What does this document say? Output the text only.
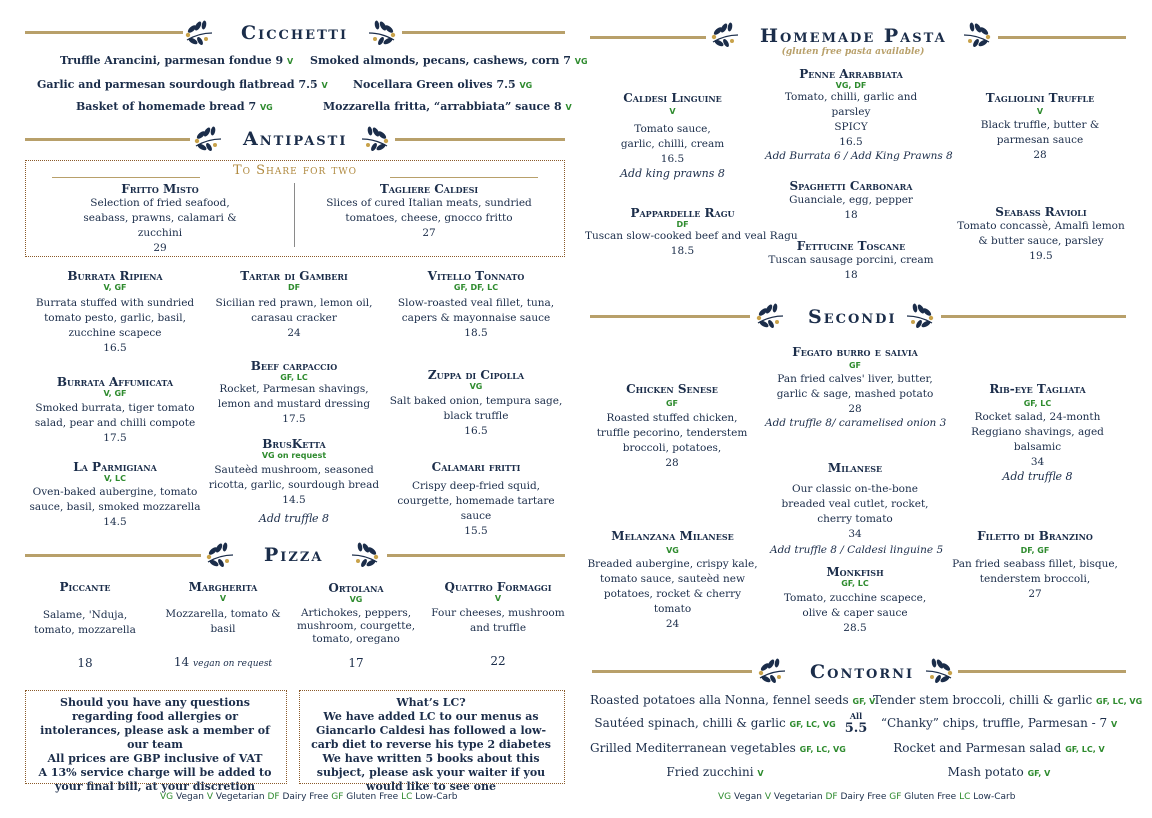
Cicchetti
Truffle Arancini, parmesan fondue 9 V Smoked almonds, pecans, cashews, corn 7 VG
Garlic and parmesan sourdough flatbread 7.5 V Nocellara Green olives 7.5 VG
Basket of homemade bread 7 VG	Mozzarella fritta, “arrabbiata” sauce 8 V
Antipasti
To Share for two
Fritto Misto
Selection of fried seafood, seabass, prawns, calamari & zucchini
29
Tagliere Caldesi
Slices of cured Italian meats, sundried tomatoes, cheese, gnocco fritto
27
Burrata Ripiena
V, GF
Burrata stuffed with sundried tomato pesto, garlic, basil, zucchine scapece
16.5
Tartar di Gamberi
DF
Sicilian red prawn, lemon oil, carasau cracker
24
Vitello Tonnato
GF, DF, LC
Slow-roasted veal fillet, tuna, capers & mayonnaise sauce
18.5
Burrata Affumicata
V, GF
Smoked burrata, tiger tomato salad, pear and chilli compote
17.5
Beef carpaccio
GF, LC
Rocket, Parmesan shavings, lemon and mustard dressing
17.5
Zuppa di Cipolla
VG
Salt baked onion, tempura sage, black truffle
16.5
La Parmigiana
V, LC
Oven-baked aubergine, tomato sauce, basil, smoked mozzarella
14.5
BrusKetta
VG on request
Sauteèd mushroom, seasoned ricotta, garlic, sourdough bread
14.5
Add truffle 8
Calamari fritti
Crispy deep-fried squid, courgette, homemade tartare sauce
15.5
Pizza
Piccante
Salame, 'Nduja, tomato, mozzarella
18
Margherita
V
Mozzarella, tomato & basil
14 vegan on request
Ortolana
VG
Artichokes, peppers, mushroom, courgette, tomato, oregano
17
Quattro Formaggi
V
Four cheeses, mushroom and truffle
22
Should you have any questions regarding food allergies or intolerances, please ask a member of our team
All prices are GBP inclusive of VAT
A 13% service charge will be added to your final bill, at your discretion
What’s LC?
We have added LC to our menus as Giancarlo Caldesi has followed a low-carb diet to reverse his type 2 diabetes
We have written 5 books about this subject, please ask your waiter if you would like to see one
VG Vegan V Vegetarian DF Dairy Free GF Gluten Free LC Low-Carb
Homemade Pasta
(gluten free pasta available)
Caldesi Linguine
V
Tomato sauce, garlic, chilli, cream
16.5
Add king prawns 8
Penne Arrabbiata
VG, DF
Tomato, chilli, garlic and parsley
SPICY
16.5
Add Burrata 6 / Add King Prawns 8
Tagliolini Truffle
V
Black truffle, butter & parmesan sauce
28
Spaghetti Carbonara
Guanciale, egg, pepper
18
Pappardelle Ragu
DF
Tuscan slow-cooked beef and veal Ragu
18.5	Fettucine Toscane
Tuscan sausage porcini, cream
18
Seabass Ravioli
Tomato concassè, Amalfi lemon & butter sauce, parsley
19.5
Secondi
Fegato burro e salvia
GF
Pan fried calves' liver, butter, garlic & sage, mashed potato
28
Add truffle 8/ caramelised onion 3
Chicken Senese
GF
Roasted stuffed chicken, truffle pecorino, tenderstem broccoli, potatoes,
28
Rib-eye Tagliata
GF, LC
Rocket salad, 24-month Reggiano shavings, aged balsamic
34
Add truffle 8
Milanese
Our classic on-the-bone breaded veal cutlet, rocket, cherry tomato
34
Add truffle 8 / Caldesi linguine 5
Melanzana Milanese
VG
Breaded aubergine, crispy kale, tomato sauce, sauteèd new potatoes, rocket & cherry tomato
24
Filetto di Branzino
DF, GF
Pan fried seabass fillet, bisque, tenderstem broccoli,
27
Monkfish
GF, LC
Tomato, zucchine scapece, olive & caper sauce
28.5
Contorni
Roasted potatoes alla Nonna, fennel seeds GF, V
Sautéed spinach, chilli & garlic GF, LC, VG
Grilled Mediterranean vegetables GF, LC, VG
Fried zucchini V
All
5.5
Tender stem broccoli, chilli & garlic GF, LC, VG
“Chanky” chips, truffle, Parmesan - 7 V
Rocket and Parmesan salad GF, LC, V
Mash potato GF, V
VG Vegan V Vegetarian DF Dairy Free GF Gluten Free LC Low-Carb
